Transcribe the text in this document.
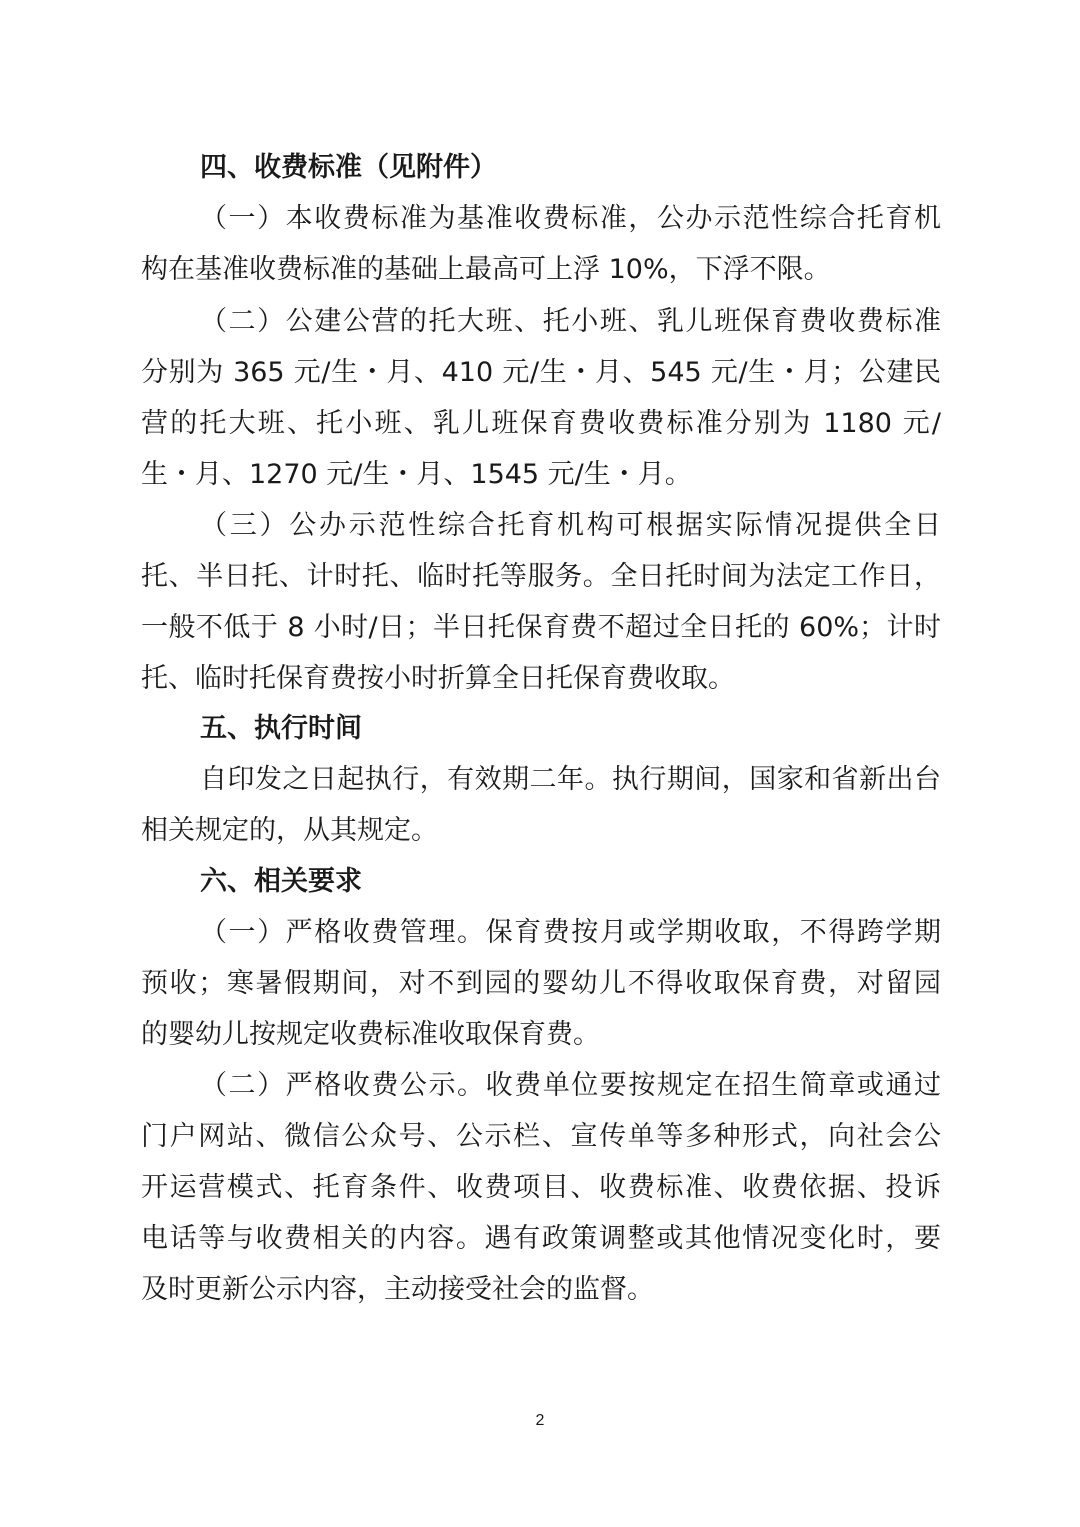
四、收费标准（见附件）
（一）本收费标准为基准收费标准，公办示范性综合托育机
构在基准收费标准的基础上最高可上浮 10%，下浮不限。
（二）公建公营的托大班、托小班、乳儿班保育费收费标准
分别为 365 元/生・月、410 元/生・月、545 元/生・月；公建民
营的托大班、托小班、乳儿班保育费收费标准分别为 1180 元/
生・月、1270 元/生・月、1545 元/生・月。
（三）公办示范性综合托育机构可根据实际情况提供全日
托、半日托、计时托、临时托等服务。全日托时间为法定工作日，
一般不低于 8 小时/日；半日托保育费不超过全日托的 60%；计时
托、临时托保育费按小时折算全日托保育费收取。
五、执行时间
自印发之日起执行，有效期二年。执行期间，国家和省新出台
相关规定的，从其规定。
六、相关要求
（一）严格收费管理。保育费按月或学期收取，不得跨学期
预收；寒暑假期间，对不到园的婴幼儿不得收取保育费，对留园
的婴幼儿按规定收费标准收取保育费。
（二）严格收费公示。收费单位要按规定在招生简章或通过
门户网站、微信公众号、公示栏、宣传单等多种形式，向社会公
开运营模式、托育条件、收费项目、收费标准、收费依据、投诉
电话等与收费相关的内容。遇有政策调整或其他情况变化时，要
及时更新公示内容，主动接受社会的监督。
2
